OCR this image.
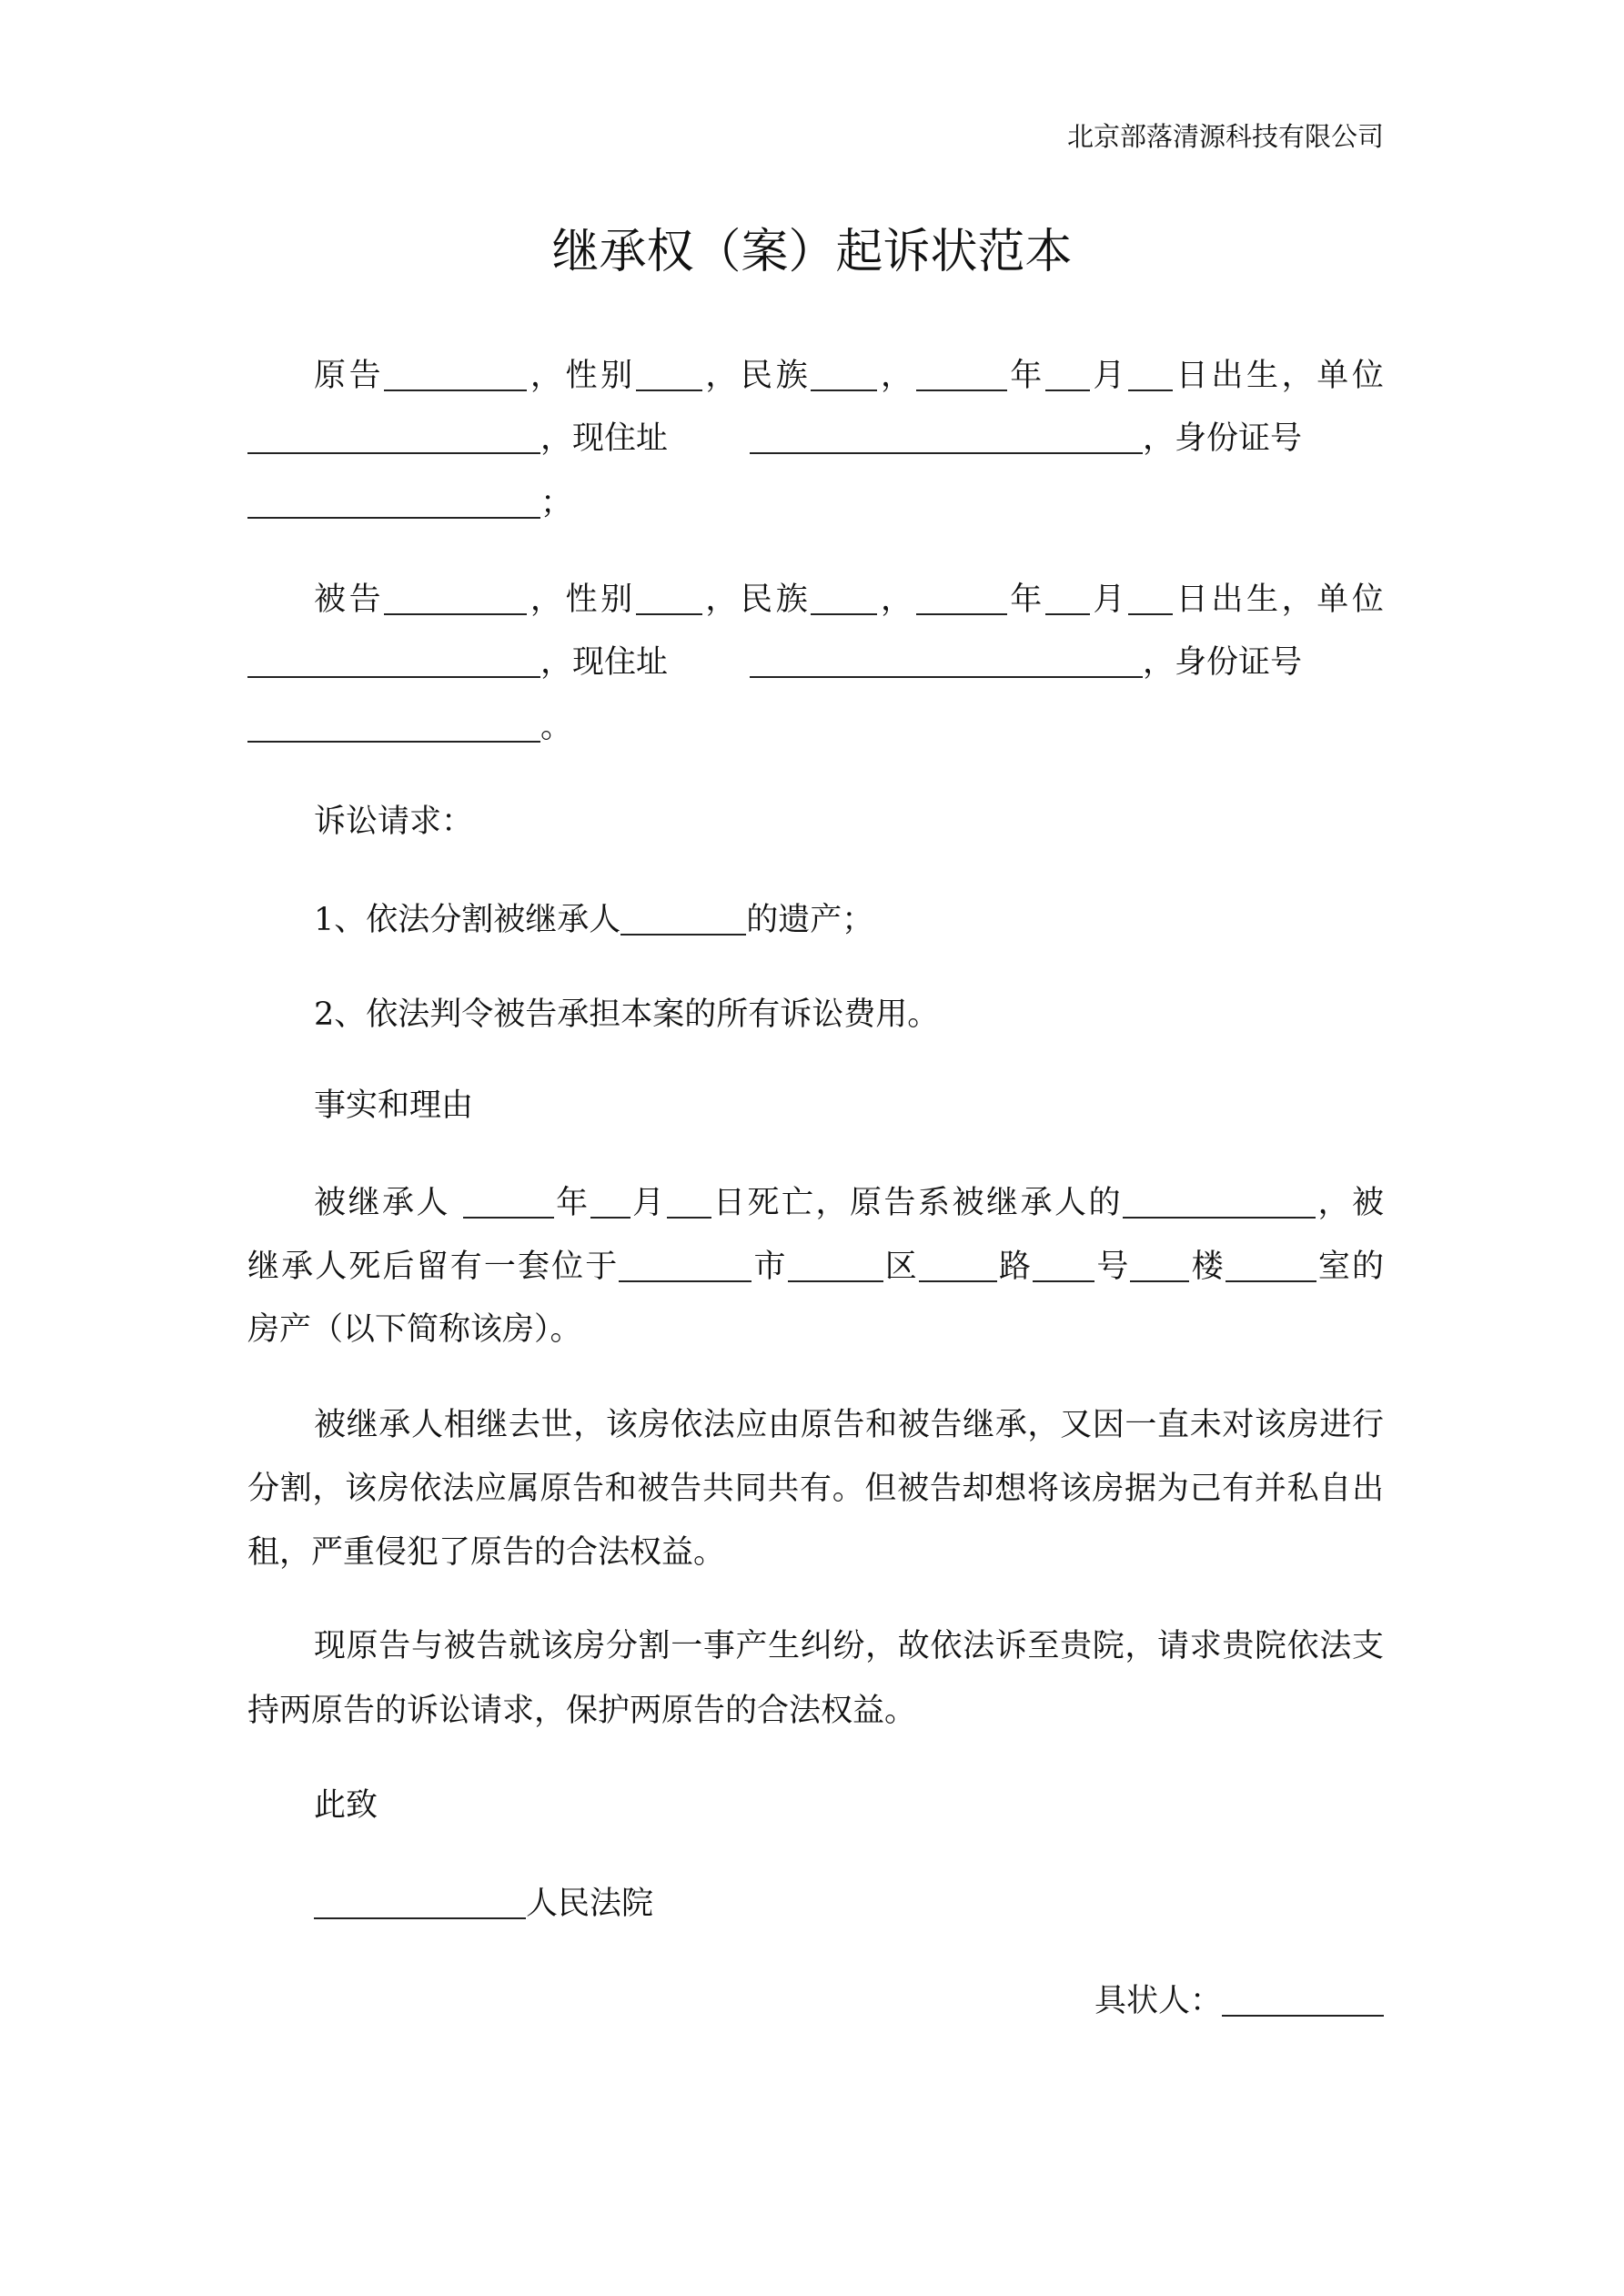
北京部落清源科技有限公司
继承权（案）起诉状范本
原告	，性别 ，民族 ，	年 月 日出生，单位
，现住址	，身份证号
；
被告	，性别 ，民族 ，	年 月 日出生，单位
，现住址	，身份证号
。
诉讼请求：
1、依法分割被继承人	的遗产；
2、依法判令被告承担本案的所有诉讼费用。
事实和理由
被继承人	年 月 日死亡，原告系被继承人的	，被
继承人死后留有一套位于	市	区 路 号 楼	室的
房产（以下简称该房）。
被继承人相继去世，该房依法应由原告和被告继承，又因一直未对该房进行
分割，该房依法应属原告和被告共同共有。但被告却想将该房据为己有并私自出
租，严重侵犯了原告的合法权益。
现原告与被告就该房分割一事产生纠纷，故依法诉至贵院，请求贵院依法支
持两原告的诉讼请求，保护两原告的合法权益。
此致
人民法院
具状人：
